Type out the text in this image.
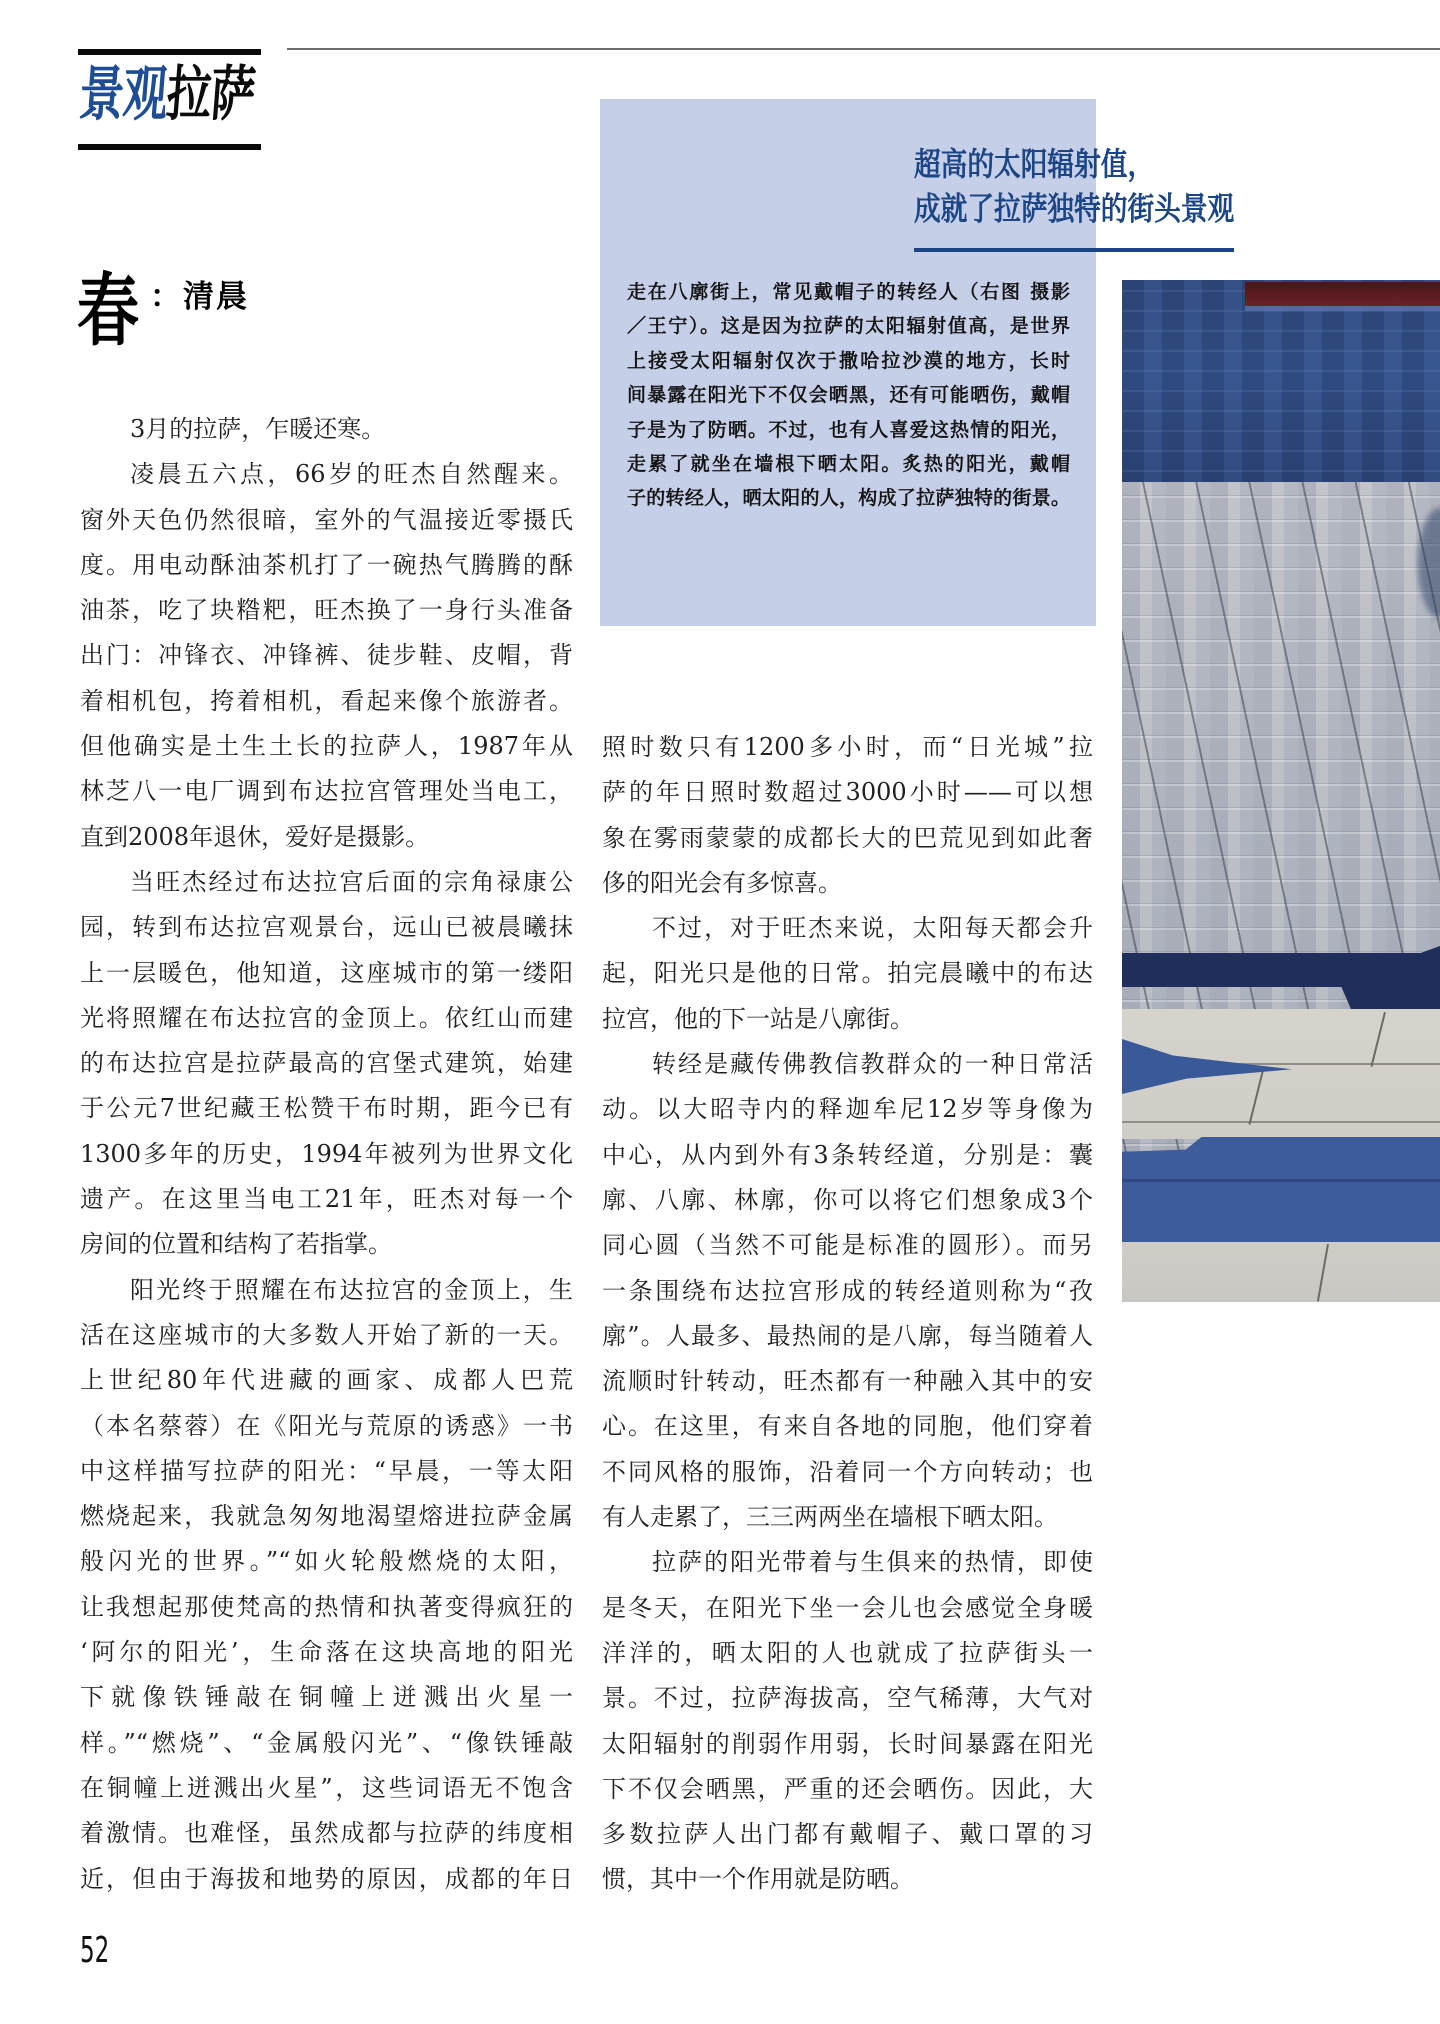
景观拉萨
春 ：清晨
超高的太阳辐射值，
成就了拉萨独特的街头景观
走在八廓街上，常见戴帽子的转经人（右图 摄影
／王宁）。这是因为拉萨的太阳辐射值高，是世界
上接受太阳辐射仅次于撒哈拉沙漠的地方，长时
间暴露在阳光下不仅会晒黑，还有可能晒伤，戴帽
子是为了防晒。不过，也有人喜爱这热情的阳光，
走累了就坐在墙根下晒太阳。炙热的阳光，戴帽
子的转经人，晒太阳的人，构成了拉萨独特的街景。
3月的拉萨，乍暖还寒。
凌晨五六点，66岁的旺杰自然醒来。
窗外天色仍然很暗，室外的气温接近零摄氏
度。用电动酥油茶机打了一碗热气腾腾的酥
油茶，吃了块糌粑，旺杰换了一身行头准备
出门：冲锋衣、冲锋裤、徒步鞋、皮帽，背
着相机包，挎着相机，看起来像个旅游者。
但他确实是土生土长的拉萨人，1987年从
林芝八一电厂调到布达拉宫管理处当电工，
直到2008年退休，爱好是摄影。
当旺杰经过布达拉宫后面的宗角禄康公
园，转到布达拉宫观景台，远山已被晨曦抹
上一层暖色，他知道，这座城市的第一缕阳
光将照耀在布达拉宫的金顶上。依红山而建
的布达拉宫是拉萨最高的宫堡式建筑，始建
于公元7世纪藏王松赞干布时期，距今已有
1300多年的历史，1994年被列为世界文化
遗产。在这里当电工21年，旺杰对每一个
房间的位置和结构了若指掌。
阳光终于照耀在布达拉宫的金顶上，生
活在这座城市的大多数人开始了新的一天。
上世纪80年代进藏的画家、成都人巴荒
（本名蔡蓉）在《阳光与荒原的诱惑》一书
中这样描写拉萨的阳光：“早晨，一等太阳
燃烧起来，我就急匆匆地渴望熔进拉萨金属
般闪光的世界。”“如火轮般燃烧的太阳，
让我想起那使梵高的热情和执著变得疯狂的
‘阿尔的阳光’，生命落在这块高地的阳光
下就像铁锤敲在铜幢上迸溅出火星一
样。”“燃烧”、“金属般闪光”、“像铁锤敲
在铜幢上迸溅出火星”，这些词语无不饱含
着激情。也难怪，虽然成都与拉萨的纬度相
近，但由于海拔和地势的原因，成都的年日
照时数只有1200多小时，而“日光城”拉
萨的年日照时数超过3000小时——可以想
象在雾雨蒙蒙的成都长大的巴荒见到如此奢
侈的阳光会有多惊喜。
不过，对于旺杰来说，太阳每天都会升
起，阳光只是他的日常。拍完晨曦中的布达
拉宫，他的下一站是八廓街。
转经是藏传佛教信教群众的一种日常活
动。以大昭寺内的释迦牟尼12岁等身像为
中心，从内到外有3条转经道，分别是：囊
廓、八廓、林廓，你可以将它们想象成3个
同心圆（当然不可能是标准的圆形）。而另
一条围绕布达拉宫形成的转经道则称为“孜
廓”。人最多、最热闹的是八廓，每当随着人
流顺时针转动，旺杰都有一种融入其中的安
心。在这里，有来自各地的同胞，他们穿着
不同风格的服饰，沿着同一个方向转动；也
有人走累了，三三两两坐在墙根下晒太阳。
拉萨的阳光带着与生俱来的热情，即使
是冬天，在阳光下坐一会儿也会感觉全身暖
洋洋的，晒太阳的人也就成了拉萨街头一
景。不过，拉萨海拔高，空气稀薄，大气对
太阳辐射的削弱作用弱，长时间暴露在阳光
下不仅会晒黑，严重的还会晒伤。因此，大
多数拉萨人出门都有戴帽子、戴口罩的习
惯，其中一个作用就是防晒。
52
